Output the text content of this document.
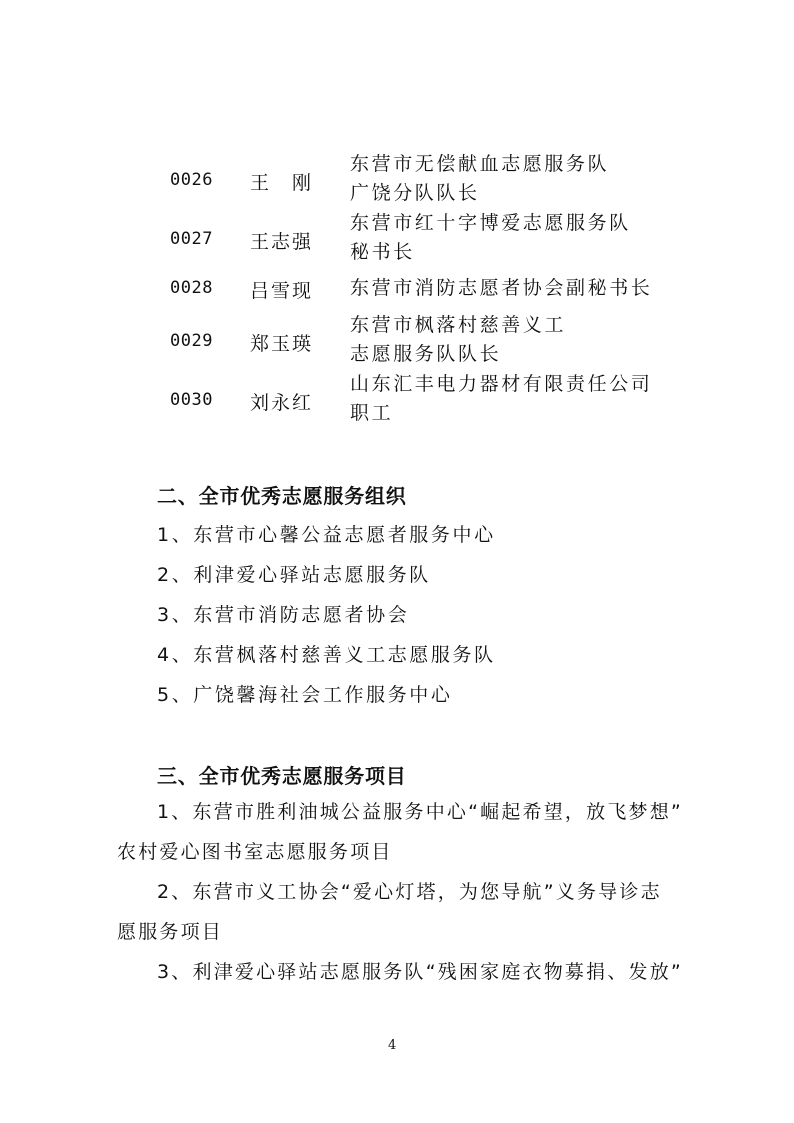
0026 王　刚
东营市无偿献血志愿服务队
广饶分队队长
0027 王志强
东营市红十字博爱志愿服务队
秘书长
0028 吕雪现 东营市消防志愿者协会副秘书长
0029 郑玉瑛
东营市枫落村慈善义工
志愿服务队队长
0030 刘永红
山东汇丰电力器材有限责任公司
职工
二、全市优秀志愿服务组织
1、东营市心馨公益志愿者服务中心
2、利津爱心驿站志愿服务队
3、东营市消防志愿者协会
4、东营枫落村慈善义工志愿服务队
5、广饶馨海社会工作服务中心
三、全市优秀志愿服务项目
1、东营市胜利油城公益服务中心“崛起希望，放飞梦想”
农村爱心图书室志愿服务项目
2、东营市义工协会“爱心灯塔，为您导航”义务导诊志
愿服务项目
3、利津爱心驿站志愿服务队“残困家庭衣物募捐、发放”
4
